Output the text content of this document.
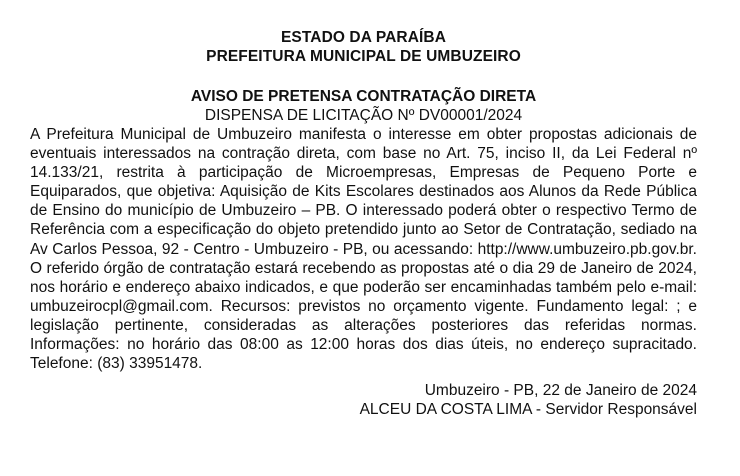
ESTADO DA PARAÍBA
PREFEITURA MUNICIPAL DE UMBUZEIRO
AVISO DE PRETENSA CONTRATAÇÃO DIRETA
DISPENSA DE LICITAÇÃO Nº DV00001/2024

A Prefeitura Municipal de Umbuzeiro manifesta o interesse em obter propostas adicionais de eventuais interessados na contração direta, com base no Art. 75, inciso II, da Lei Federal nº 14.133/21, restrita à participação de Microempresas, Empresas de Pequeno Porte e Equiparados, que objetiva: Aquisição de Kits Escolares destinados aos Alunos da Rede Pública de Ensino do município de Umbuzeiro – PB. O interessado poderá obter o respectivo Termo de Referência com a especificação do objeto pretendido junto ao Setor de Contratação, sediado na Av Carlos Pessoa, 92 - Centro - Umbuzeiro - PB, ou acessando: http://www.umbuzeiro.pb.gov.br. O referido órgão de contratação estará recebendo as propostas até o dia 29 de Janeiro de 2024, nos horário e endereço abaixo indicados, e que poderão ser encaminhadas também pelo e-mail: umbuzeirocpl@gmail.com. Recursos: previstos no orçamento vigente. Fundamento legal: ; e legislação pertinente, consideradas as alterações posteriores das referidas normas. Informações: no horário das 08:00 as 12:00 horas dos dias úteis, no endereço supracitado. Telefone: (83) 33951478.

Umbuzeiro - PB, 22 de Janeiro de 2024
ALCEU DA COSTA LIMA - Servidor Responsável
